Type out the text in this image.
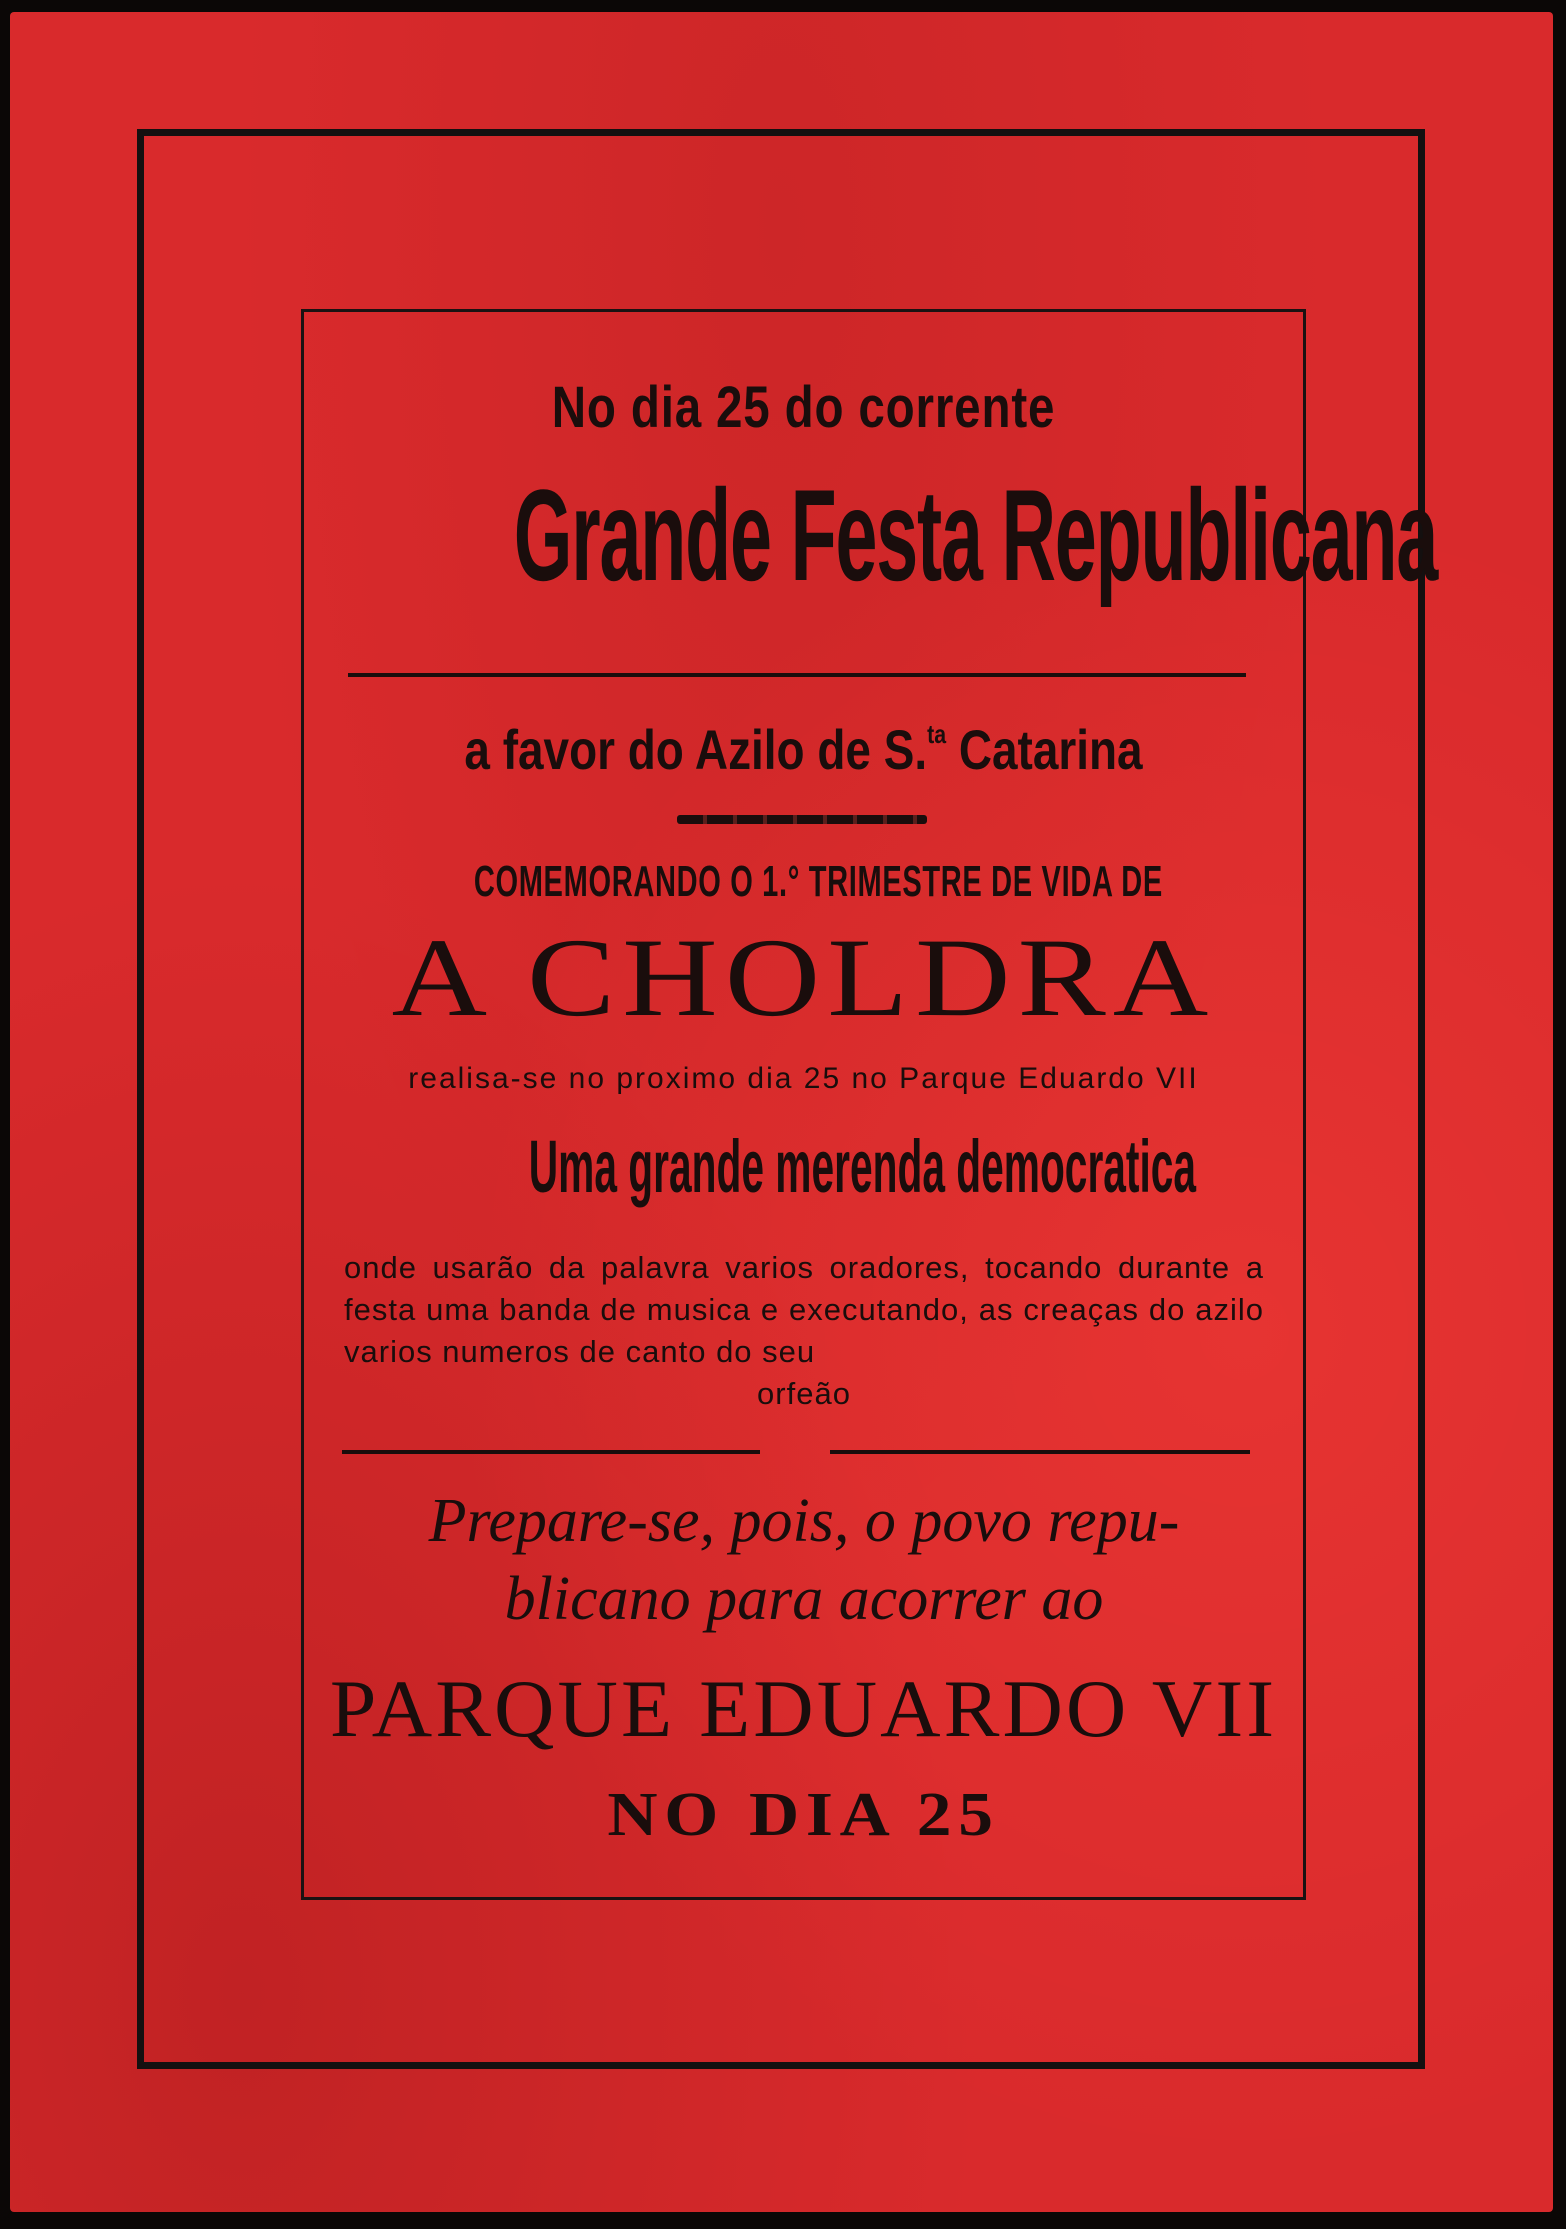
No dia 25 do corrente
Grande Festa Republicana
a favor do Azilo de S.$^{ta}$ Catarina
COMEMORANDO O 1.° TRIMESTRE DE VIDA DE
A CHOLDRA
realisa-se no proximo dia 25 no Parque Eduardo VII
Uma grande merenda democratica
onde usarão da palavra varios oradores, tocando durante a festa uma banda de musica e executando, as creaças do azilo varios numeros de canto do seu
orfeão
Prepare-se, pois, o povo repu-
blicano para acorrer ao
PARQUE EDUARDO VII
NO DIA 25
